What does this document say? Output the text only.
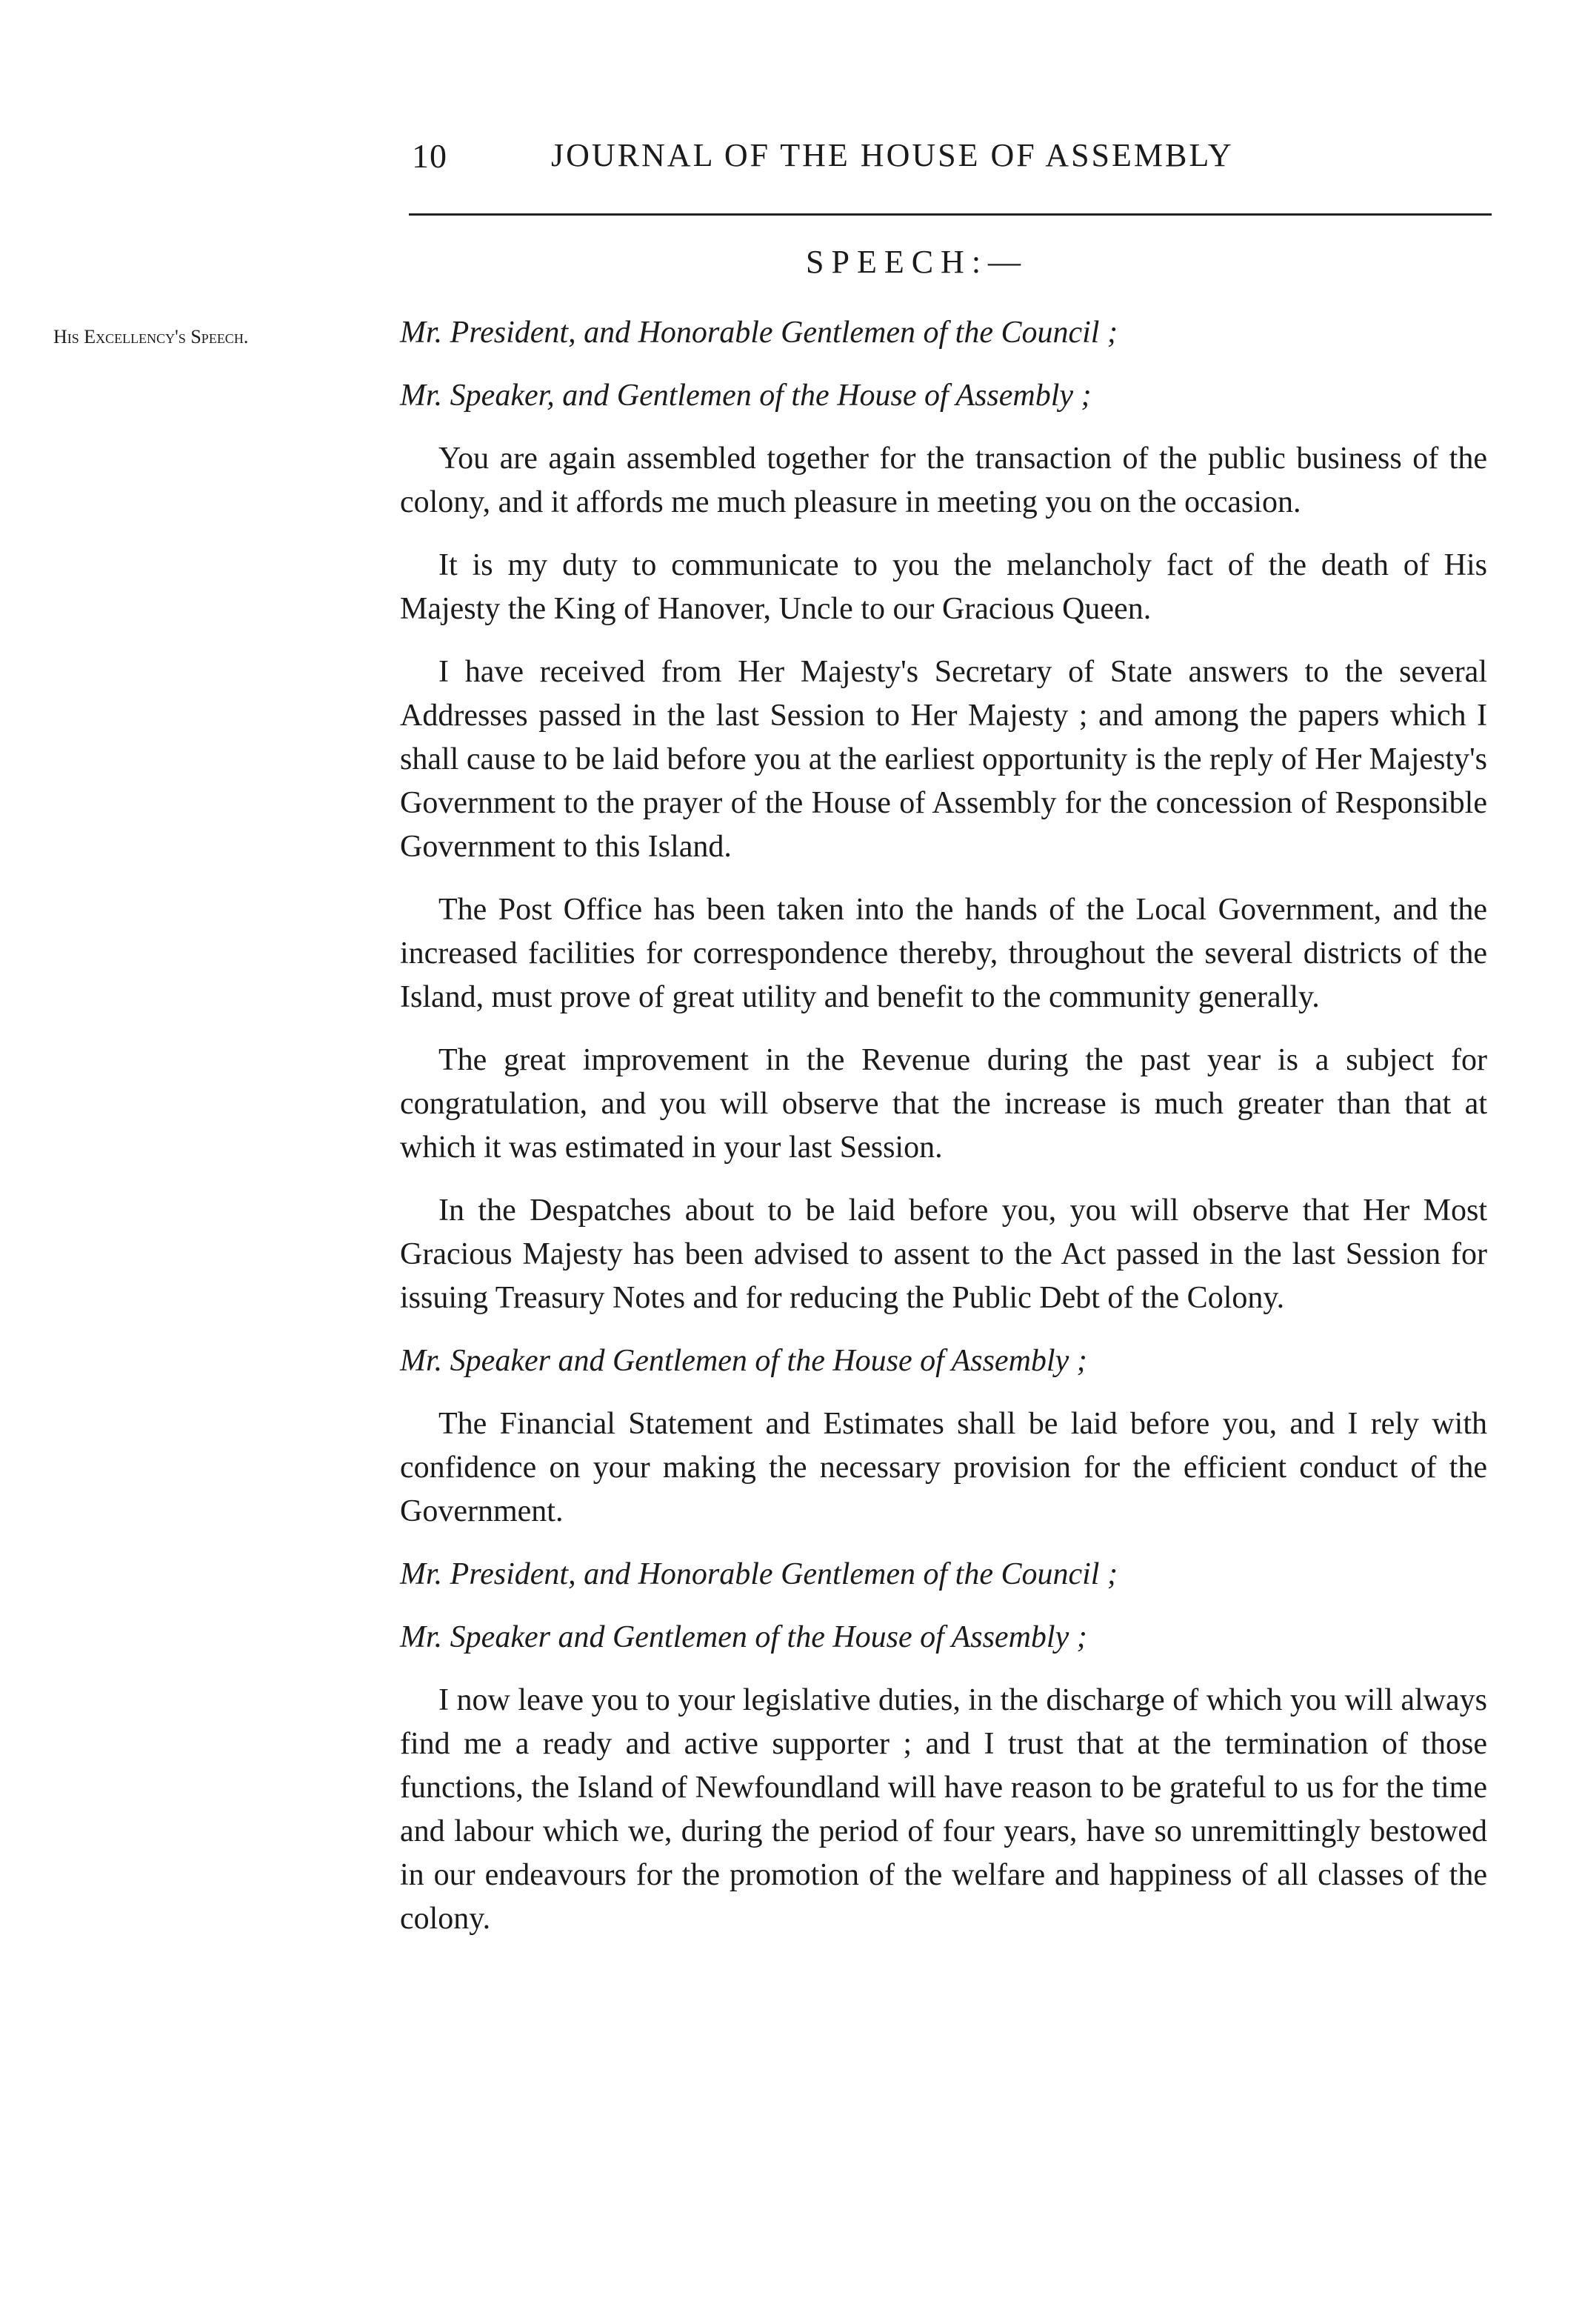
10	JOURNAL OF THE HOUSE OF ASSEMBLY
SPEECH:—
His Excellency's Speech.	Mr. President, and Honorable Gentlemen of the Council ;

Mr. Speaker, and Gentlemen of the House of Assembly ;

You are again assembled together for the transaction of the public business of the colony, and it affords me much pleasure in meeting you on the occasion.

It is my duty to communicate to you the melancholy fact of the death of His Majesty the King of Hanover, Uncle to our Gracious Queen.

I have received from Her Majesty's Secretary of State answers to the several Addresses passed in the last Session to Her Majesty ; and among the papers which I shall cause to be laid before you at the earliest opportunity is the reply of Her Majesty's Government to the prayer of the House of Assembly for the concession of Responsible Government to this Island.

The Post Office has been taken into the hands of the Local Government, and the increased facilities for correspondence thereby, throughout the several districts of the Island, must prove of great utility and benefit to the community generally.

The great improvement in the Revenue during the past year is a subject for congratulation, and you will observe that the increase is much greater than that at which it was estimated in your last Session.

In the Despatches about to be laid before you, you will observe that Her Most Gracious Majesty has been advised to assent to the Act passed in the last Session for issuing Treasury Notes and for reducing the Public Debt of the Colony.

Mr. Speaker and Gentlemen of the House of Assembly ;

The Financial Statement and Estimates shall be laid before you, and I rely with confidence on your making the necessary provision for the efficient conduct of the Government.

Mr. President, and Honorable Gentlemen of the Council ;

Mr. Speaker and Gentlemen of the House of Assembly ;

I now leave you to your legislative duties, in the discharge of which you will always find me a ready and active supporter ; and I trust that at the termination of those functions, the Island of Newfoundland will have reason to be grateful to us for the time and labour which we, during the period of four years, have so unremittingly bestowed in our endeavours for the promotion of the welfare and happiness of all classes of the colony.
